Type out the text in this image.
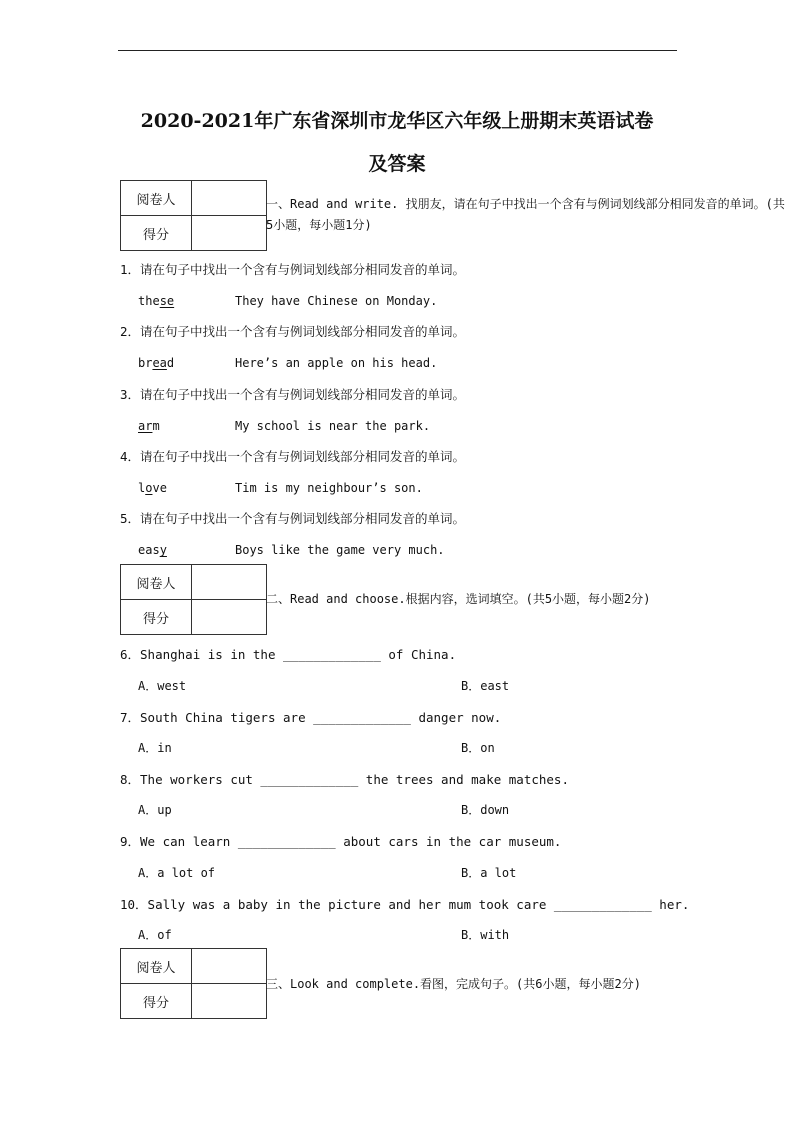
2020-2021年广东省深圳市龙华区六年级上册期末英语试卷
及答案
阅卷人	
得分	
一、Read and write. 找朋友，请在句子中找出一个含有与例词划线部分相同发音的单词。(共5小题，每小题1分)
1．请在句子中找出一个含有与例词划线部分相同发音的单词。
these	They have Chinese on Monday.
2．请在句子中找出一个含有与例词划线部分相同发音的单词。
bread	Here’s an apple on his head.
3．请在句子中找出一个含有与例词划线部分相同发音的单词。
arm	My school is near the park.
4．请在句子中找出一个含有与例词划线部分相同发音的单词。
love	Tim is my neighbour’s son.
5．请在句子中找出一个含有与例词划线部分相同发音的单词。
easy	Boys like the game very much.
阅卷人	
得分	
二、Read and choose.根据内容，选词填空。(共5小题，每小题2分)
6．Shanghai is in the _____________ of China.
A．west	B．east
7．South China tigers are _____________ danger now.
A．in	B．on
8．The workers cut _____________ the trees and make matches.
A．up	B．down
9．We can learn _____________ about cars in the car museum.
A．a lot of	B．a lot
10．Sally was a baby in the picture and her mum took care _____________ her.
A．of	B．with
阅卷人	
得分	
三、Look and complete.看图，完成句子。(共6小题，每小题2分)
